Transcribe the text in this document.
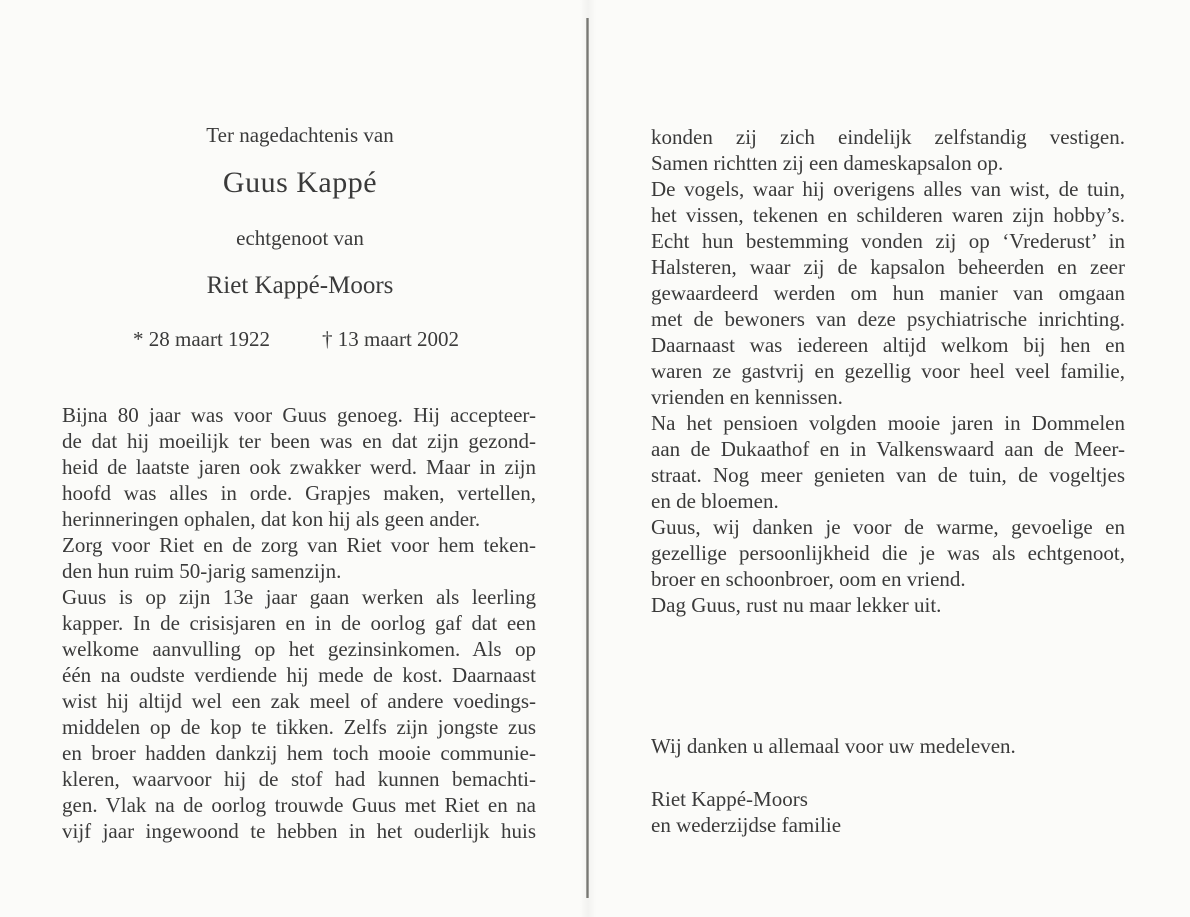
Ter nagedachtenis van
Guus Kappé
echtgenoot van
Riet Kappé-Moors
* 28 maart 1922 † 13 maart 2002
Bijna 80 jaar was voor Guus genoeg. Hij accepteer-
de dat hij moeilijk ter been was en dat zijn gezond-
heid de laatste jaren ook zwakker werd. Maar in zijn
hoofd was alles in orde. Grapjes maken, vertellen,
herinneringen ophalen, dat kon hij als geen ander.
Zorg voor Riet en de zorg van Riet voor hem teken-
den hun ruim 50-jarig samenzijn.
Guus is op zijn 13e jaar gaan werken als leerling
kapper. In de crisisjaren en in de oorlog gaf dat een
welkome aanvulling op het gezinsinkomen. Als op
één na oudste verdiende hij mede de kost. Daarnaast
wist hij altijd wel een zak meel of andere voedings-
middelen op de kop te tikken. Zelfs zijn jongste zus
en broer hadden dankzij hem toch mooie communie-
kleren, waarvoor hij de stof had kunnen bemachti-
gen. Vlak na de oorlog trouwde Guus met Riet en na
vijf jaar ingewoond te hebben in het ouderlijk huis
konden zij zich eindelijk zelfstandig vestigen.
Samen richtten zij een dameskapsalon op.
De vogels, waar hij overigens alles van wist, de tuin,
het vissen, tekenen en schilderen waren zijn hobby’s.
Echt hun bestemming vonden zij op ‘Vrederust’ in
Halsteren, waar zij de kapsalon beheerden en zeer
gewaardeerd werden om hun manier van omgaan
met de bewoners van deze psychiatrische inrichting.
Daarnaast was iedereen altijd welkom bij hen en
waren ze gastvrij en gezellig voor heel veel familie,
vrienden en kennissen.
Na het pensioen volgden mooie jaren in Dommelen
aan de Dukaathof en in Valkenswaard aan de Meer-
straat. Nog meer genieten van de tuin, de vogeltjes
en de bloemen.
Guus, wij danken je voor de warme, gevoelige en
gezellige persoonlijkheid die je was als echtgenoot,
broer en schoonbroer, oom en vriend.
Dag Guus, rust nu maar lekker uit.
Wij danken u allemaal voor uw medeleven.
Riet Kappé-Moors
en wederzijdse familie
